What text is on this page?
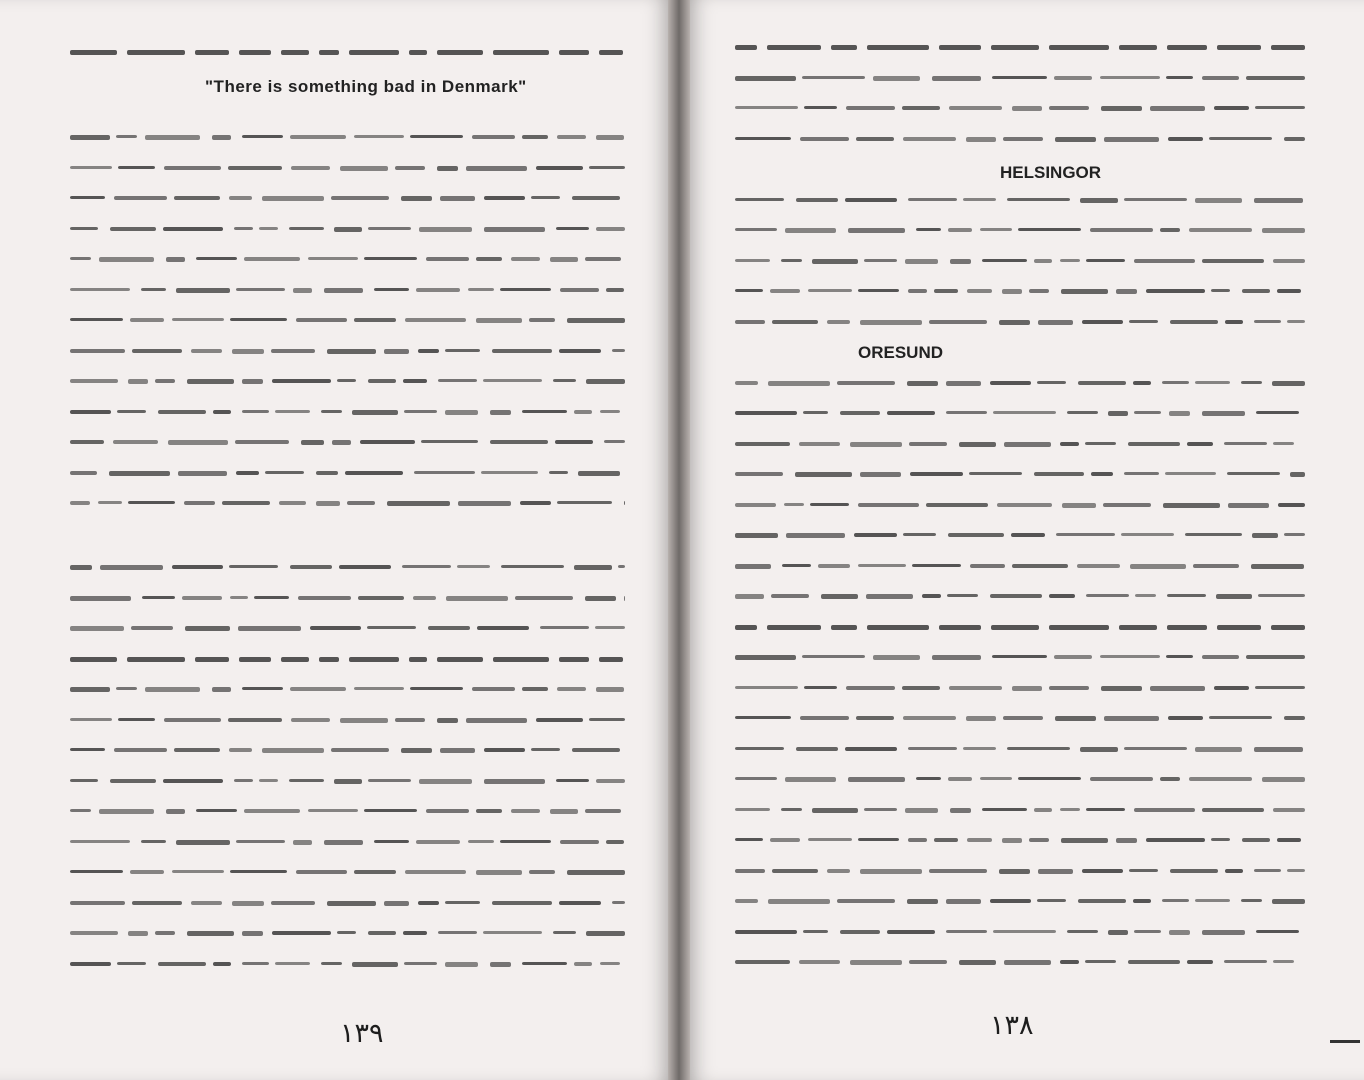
"There is something bad in Denmark"
HELSINGOR
ORESUND
١٣٩	١٣٨
